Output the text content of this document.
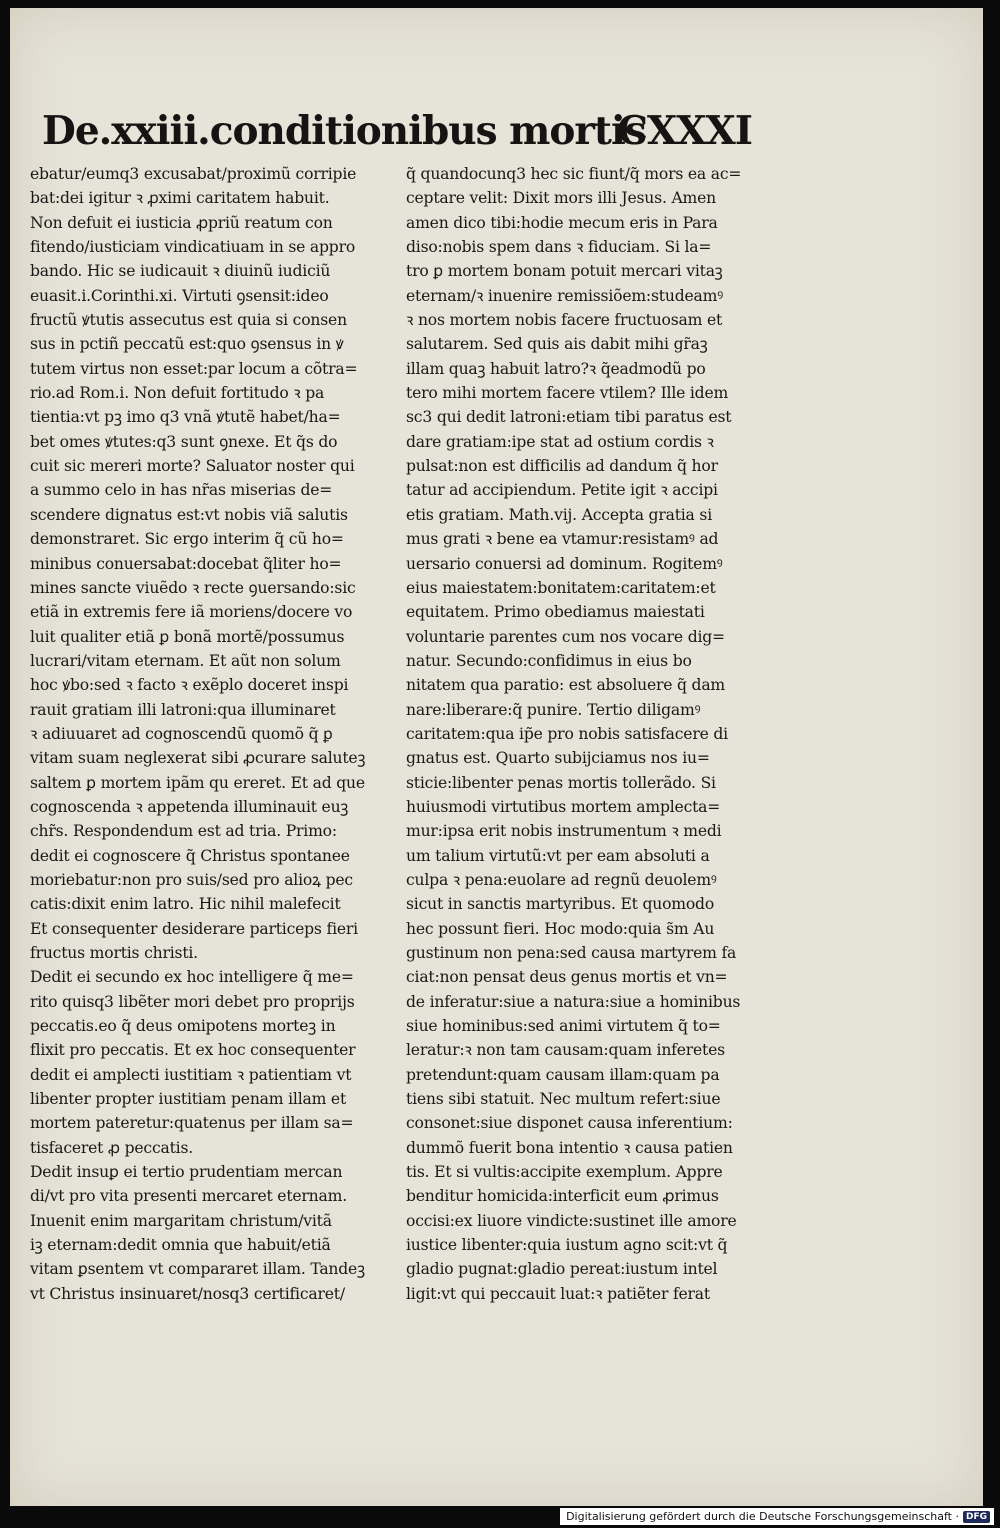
De.xxiii.conditionibus mortis
CXXXI
ebatur/eumq3 excusabat/proximũ corripie
bat:dei igitur ꝛ ꝓximi caritatem habuit.
Non defuit ei iusticia ꝓpriũ reatum con
fitendo/iusticiam vindicatiuam in se appro
bando. Hic se iudicauit ꝛ diuinũ iudiciũ
euasit.i.Corinthi.xi. Virtuti ꝯsensit:ideo
fructũ ꝟtutis assecutus est quia si consen
sus in pctiñ peccatũ est:quo ꝯsensus in ꝟ
tutem virtus non esset:par locum a cõtra=
rio.ad Rom.i. Non defuit fortitudo ꝛ pa
tientia:vt pꝫ imo q3 vnã ꝟtutẽ habet/ha=
bet omes ꝟtutes:q3 sunt ꝯnexe. Et q̃s do
cuit sic mereri morte? Saluator noster qui
a summo celo in has nr̃as miserias de=
scendere dignatus est:vt nobis viã salutis
demonstraret. Sic ergo interim q̃ cũ ho=
minibus conuersabat:docebat q̃liter ho=
mines sancte viuẽdo ꝛ recte ꝯuersando:sic
etiã in extremis fere iã moriens/docere vo
luit qualiter etiã ꝑ bonã mortẽ/possumus
lucrari/vitam eternam. Et aũt non solum
hoc ꝟbo:sed ꝛ facto ꝛ exẽplo doceret inspi
rauit gratiam illi latroni:qua illuminaret
ꝛ adiuuaret ad cognoscendũ quomõ q̃ ꝑ
vitam suam neglexerat sibi ꝓcurare saluteꝫ
saltem ꝑ mortem ipãm qu ereret. Et ad que
cognoscenda ꝛ appetenda illuminauit euꝫ
chr̃s. Respondendum est ad tria. Primo:
dedit ei cognoscere q̃ Christus spontanee
moriebatur:non pro suis/sed pro alioꝝ pec
catis:dixit enim latro. Hic nihil malefecit
Et consequenter desiderare particeps fieri
fructus mortis christi.
Dedit ei secundo ex hoc intelligere q̃ me=
rito quisq3 libẽter mori debet pro proprijs
peccatis.eo q̃ deus omipotens morteꝫ in
flixit pro peccatis. Et ex hoc consequenter
dedit ei amplecti iustitiam ꝛ patientiam vt
libenter propter iustitiam penam illam et
mortem pateretur:quatenus per illam sa=
tisfaceret ꝓ peccatis.
Dedit insuꝑ ei tertio prudentiam mercan
di/vt pro vita presenti mercaret eternam.
Inuenit enim margaritam christum/vitã
iꝫ eternam:dedit omnia que habuit/etiã
vitam ꝑsentem vt compararet illam. Tandeꝫ
vt Christus insinuaret/nosq3 certificaret/
q̃ quandocunq3 hec sic fiunt/q̃ mors ea ac=
ceptare velit: Dixit mors illi Jesus. Amen
amen dico tibi:hodie mecum eris in Para
diso:nobis spem dans ꝛ fiduciam. Si la=
tro ꝑ mortem bonam potuit mercari vitaꝫ
eternam/ꝛ inuenire remissiõem:studeamꝰ
ꝛ nos mortem nobis facere fructuosam et
salutarem. Sed quis ais dabit mihi gr̃aꝫ
illam quaꝫ habuit latro?ꝛ q̃eadmodũ po
tero mihi mortem facere vtilem? Ille idem
sc3 qui dedit latroni:etiam tibi paratus est
dare gratiam:ipe stat ad ostium cordis ꝛ
pulsat:non est difficilis ad dandum q̃ hor
tatur ad accipiendum. Petite igit ꝛ accipi
etis gratiam. Math.vij. Accepta gratia si
mus grati ꝛ bene ea vtamur:resistamꝰ ad
uersario conuersi ad dominum. Rogitemꝰ
eius maiestatem:bonitatem:caritatem:et
equitatem. Primo obediamus maiestati
voluntarie parentes cum nos vocare dig=
natur. Secundo:confidimus in eius bo
nitatem qua paratio: est absoluere q̃ dam
nare:liberare:q̃ punire. Tertio diligamꝰ
caritatem:qua ip̃e pro nobis satisfacere di
gnatus est. Quarto subijciamus nos iu=
sticie:libenter penas mortis tollerãdo. Si
huiusmodi virtutibus mortem amplecta=
mur:ipsa erit nobis instrumentum ꝛ medi
um talium virtutũ:vt per eam absoluti a
culpa ꝛ pena:euolare ad regnũ deuolemꝰ
sicut in sanctis martyribus. Et quomodo
hec possunt fieri. Hoc modo:quia s̃m Au
gustinum non pena:sed causa martyrem fa
ciat:non pensat deus genus mortis et vn=
de inferatur:siue a natura:siue a hominibus
siue hominibus:sed animi virtutem q̃ to=
leratur:ꝛ non tam causam:quam inferetes
pretendunt:quam causam illam:quam pa
tiens sibi statuit. Nec multum refert:siue
consonet:siue disponet causa inferentium:
dummõ fuerit bona intentio ꝛ causa patien
tis. Et si vultis:accipite exemplum. Appre
benditur homicida:interficit eum ꝓrimus
occisi:ex liuore vindicte:sustinet ille amore
iustice libenter:quia iustum agno scit:vt q̃
gladio pugnat:gladio pereat:iustum intel
ligit:vt qui peccauit luat:ꝛ patiẽter ferat
Digitalisierung gefördert durch die Deutsche Forschungsgemeinschaft · DFG
